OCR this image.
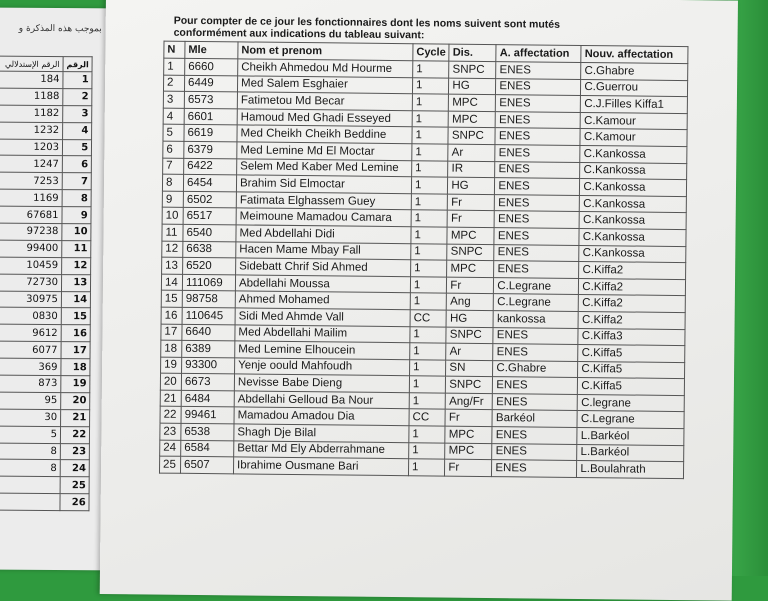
بموجب هذه المذكرة و
الرقم الإستدلالي	الرقم
184	1
1188	2
1182	3
1232	4
1203	5
1247	6
7253	7
1169	8
67681	9
97238	10
99400	11
10459	12
72730	13
30975	14
0830	15
9612	16
6077	17
369	18
873	19
95	20
30	21
5	22
8	23
8	24
	25
	26
Pour compter de ce jour les fonctionnaires dont les noms suivent sont mutés
conformément aux indications du tableau suivant:
N	Mle	Nom et prenom	Cycle	Dis.	A. affectation	Nouv. affectation
1	6660	Cheikh Ahmedou Md Hourme	1	SNPC	ENES	C.Ghabre
2	6449	Med Salem Esghaier	1	HG	ENES	C.Guerrou
3	6573	Fatimetou Md Becar	1	MPC	ENES	C.J.Filles Kiffa1
4	6601	Hamoud Med Ghadi Esseyed	1	MPC	ENES	C.Kamour
5	6619	Med Cheikh Cheikh Beddine	1	SNPC	ENES	C.Kamour
6	6379	Med Lemine Md El Moctar	1	Ar	ENES	C.Kankossa
7	6422	Selem Med Kaber Med Lemine	1	IR	ENES	C.Kankossa
8	6454	Brahim Sid Elmoctar	1	HG	ENES	C.Kankossa
9	6502	Fatimata Elghassem Guey	1	Fr	ENES	C.Kankossa
10	6517	Meimoune Mamadou Camara	1	Fr	ENES	C.Kankossa
11	6540	Med Abdellahi Didi	1	MPC	ENES	C.Kankossa
12	6638	Hacen Mame Mbay Fall	1	SNPC	ENES	C.Kankossa
13	6520	Sidebatt Chrif Sid Ahmed	1	MPC	ENES	C.Kiffa2
14	111069	Abdellahi Moussa	1	Fr	C.Legrane	C.Kiffa2
15	98758	Ahmed Mohamed	1	Ang	C.Legrane	C.Kiffa2
16	110645	Sidi Med Ahmde Vall	CC	HG	kankossa	C.Kiffa2
17	6640	Med Abdellahi Mailim	1	SNPC	ENES	C.Kiffa3
18	6389	Med Lemine Elhoucein	1	Ar	ENES	C.Kiffa5
19	93300	Yenje oould Mahfoudh	1	SN	C.Ghabre	C.Kiffa5
20	6673	Nevisse Babe Dieng	1	SNPC	ENES	C.Kiffa5
21	6484	Abdellahi Gelloud Ba Nour	1	Ang/Fr	ENES	C.legrane
22	99461	Mamadou Amadou Dia	CC	Fr	Barkéol	C.Legrane
23	6538	Shagh Dje Bilal	1	MPC	ENES	L.Barkéol
24	6584	Bettar Md Ely Abderrahmane	1	MPC	ENES	L.Barkéol
25	6507	Ibrahime Ousmane Bari	1	Fr	ENES	L.Boulahrath
